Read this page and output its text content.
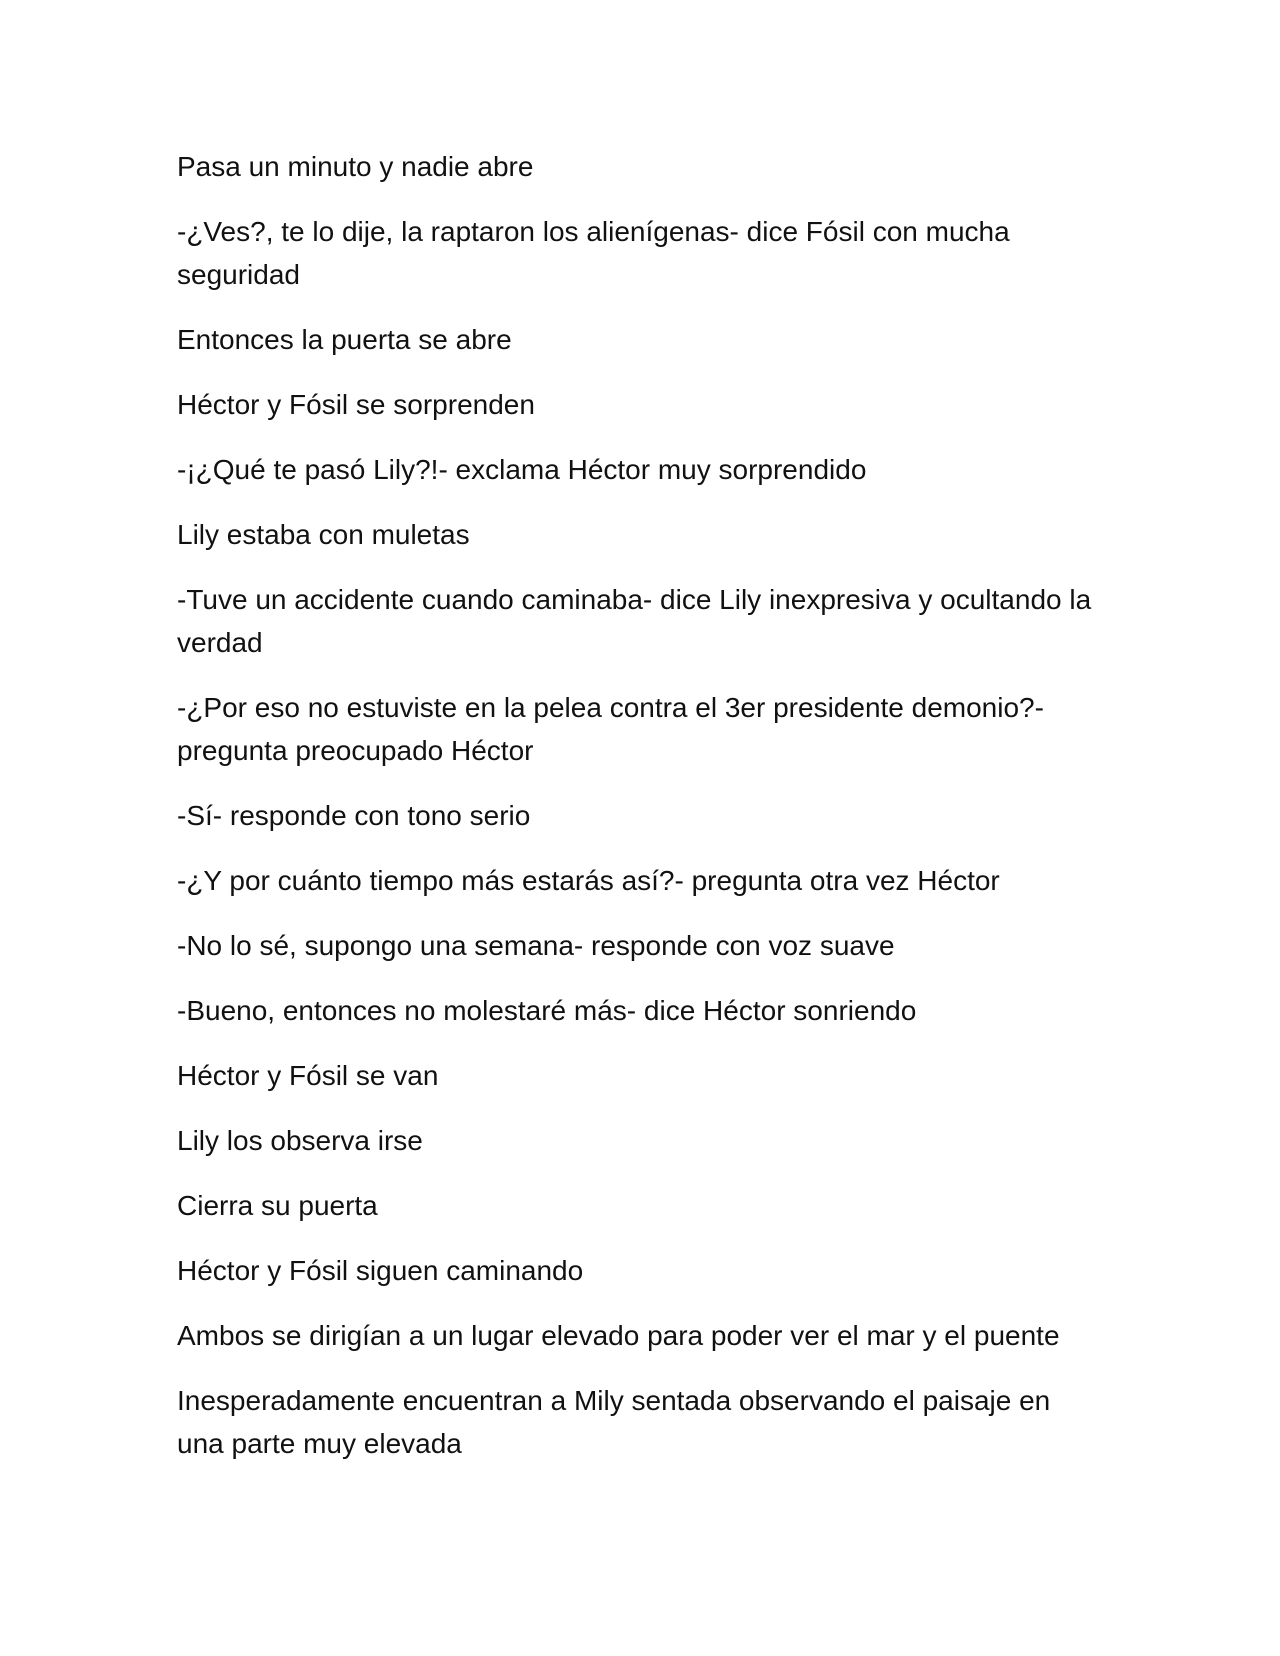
Pasa un minuto y nadie abre

-¿Ves?, te lo dije, la raptaron los alienígenas- dice Fósil con mucha seguridad

Entonces la puerta se abre

Héctor y Fósil se sorprenden

-¡¿Qué te pasó Lily?!- exclama Héctor muy sorprendido

Lily estaba con muletas

-Tuve un accidente cuando caminaba- dice Lily inexpresiva y ocultando la verdad

-¿Por eso no estuviste en la pelea contra el 3er presidente demonio?- pregunta preocupado Héctor

-Sí- responde con tono serio

-¿Y por cuánto tiempo más estarás así?- pregunta otra vez Héctor

-No lo sé, supongo una semana- responde con voz suave

-Bueno, entonces no molestaré más- dice Héctor sonriendo

Héctor y Fósil se van

Lily los observa irse

Cierra su puerta

Héctor y Fósil siguen caminando

Ambos se dirigían a un lugar elevado para poder ver el mar y el puente

Inesperadamente encuentran a Mily sentada observando el paisaje en una parte muy elevada
